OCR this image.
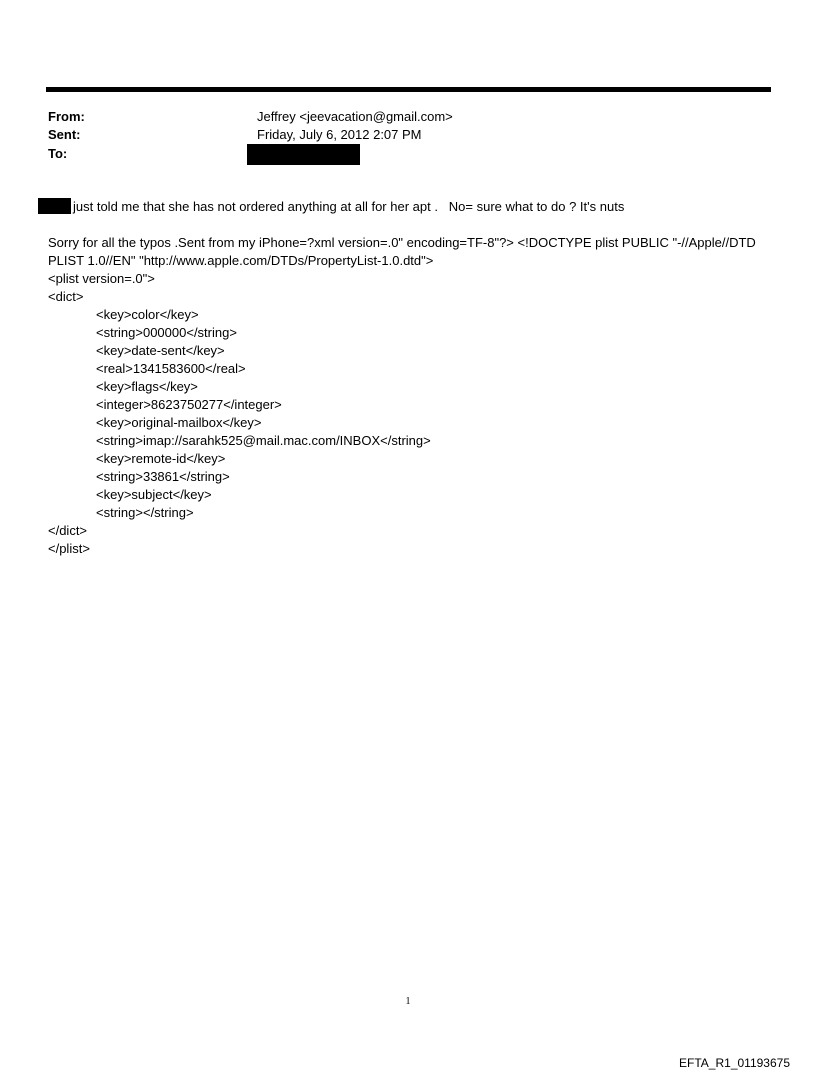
From:	Jeffrey <jeevacation@gmail.com>
Sent:	Friday, July 6, 2012 2:07 PM
To:
just told me that she has not ordered anything at all for her apt .   No= sure what to do ? It's nuts
Sorry for all the typos .Sent from my iPhone=?xml version=.0" encoding=TF-8"?> <!DOCTYPE plist PUBLIC "-//Apple//DTD
PLIST 1.0//EN" "http://www.apple.com/DTDs/PropertyList-1.0.dtd">
<plist version=.0">
<dict>
<key>color</key>
<string>000000</string>
<key>date-sent</key>
<real>1341583600</real>
<key>flags</key>
<integer>8623750277</integer>
<key>original-mailbox</key>
<string>imap://sarahk525@mail.mac.com/INBOX</string>
<key>remote-id</key>
<string>33861</string>
<key>subject</key>
<string></string>
</dict>
</plist>
1
EFTA_R1_01193675
